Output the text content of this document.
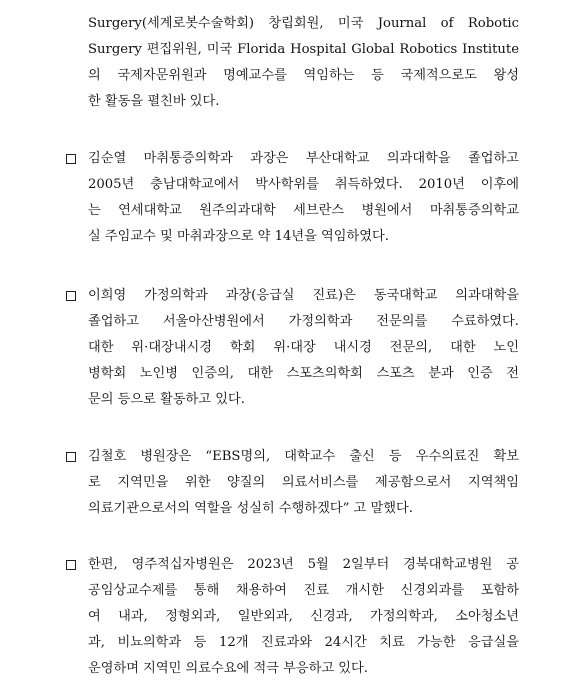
Surgery(세계로봇수술학회) 창립회원, 미국 Journal of Robotic
Surgery 편집위원, 미국 Florida Hospital Global Robotics Institute
의 국제자문위원과 명예교수를 역임하는 등 국제적으로도 왕성
한 활동을 펼친바 있다.
김순열 마취통증의학과 과장은 부산대학교 의과대학을 졸업하고
2005년 충남대학교에서 박사학위를 취득하였다. 2010년 이후에
는 연세대학교 원주의과대학 세브란스 병원에서 마취통증의학교
실 주임교수 및 마취과장으로 약 14년을 역임하였다.
이희영 가정의학과 과장(응급실 진료)은 동국대학교 의과대학을
졸업하고 서울아산병원에서 가정의학과 전문의를 수료하였다.
대한 위·대장내시경 학회 위·대장 내시경 전문의, 대한 노인
병학회 노인병 인증의, 대한 스포츠의학회 스포츠 분과 인증 전
문의 등으로 활동하고 있다.
김철호 병원장은 “EBS명의, 대학교수 출신 등 우수의료진 확보
로 지역민을 위한 양질의 의료서비스를 제공함으로서 지역책임
의료기관으로서의 역할을 성실히 수행하겠다” 고 말했다.
한편, 영주적십자병원은 2023년 5월 2일부터 경북대학교병원 공
공임상교수제를 통해 채용하여 진료 개시한 신경외과를 포함하
여 내과, 정형외과, 일반외과, 신경과, 가정의학과, 소아청소년
과, 비뇨의학과 등 12개 진료과와 24시간 치료 가능한 응급실을
운영하며 지역민 의료수요에 적극 부응하고 있다.
